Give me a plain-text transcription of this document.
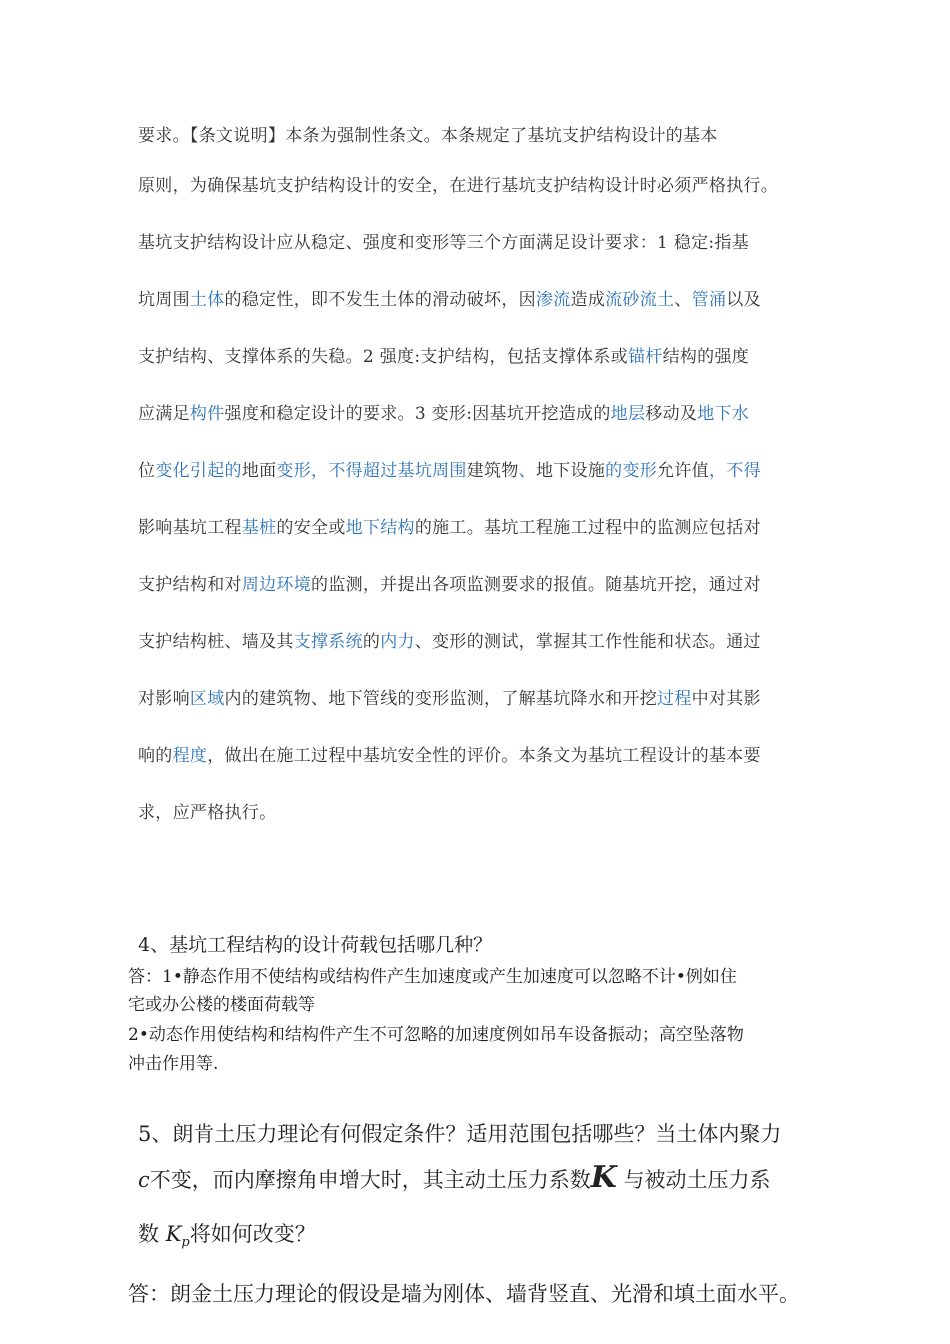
要求。【条文说明】本条为强制性条文。本条规定了基坑支护结构设计的基本
原则，为确保基坑支护结构设计的安全，在进行基坑支护结构设计时必须严格执行。
基坑支护结构设计应从稳定、强度和变形等三个方面满足设计要求：1 稳定:指基
坑周围土体的稳定性，即不发生土体的滑动破坏，因渗流造成流砂流土、管涌以及
支护结构、支撑体系的失稳。2 强度:支护结构，包括支撑体系或锚杆结构的强度
应满足构件强度和稳定设计的要求。3 变形:因基坑开挖造成的地层移动及地下水
位变化引起的地面变形，不得超过基坑周围建筑物、地下设施的变形允许值，不得
影响基坑工程基桩的安全或地下结构的施工。基坑工程施工过程中的监测应包括对
支护结构和对周边环境的监测，并提出各项监测要求的报值。随基坑开挖，通过对
支护结构桩、墙及其支撑系统的内力、变形的测试，掌握其工作性能和状态。通过
对影响区域内的建筑物、地下管线的变形监测，了解基坑降水和开挖过程中对其影
响的程度，做出在施工过程中基坑安全性的评价。本条文为基坑工程设计的基本要
求，应严格执行。
4、基坑工程结构的设计荷载包括哪几种？
答：1•静态作用不使结构或结构件产生加速度或产生加速度可以忽略不计•例如住
宅或办公楼的楼面荷载等
2•动态作用使结构和结构件产生不可忽略的加速度例如吊车设备振动；高空坠落物
冲击作用等.
5、朗肯土压力理论有何假定条件？适用范围包括哪些？当土体内聚力
c不变，而内摩擦角申增大时，其主动土压力系数K 与被动土压力系
数 $K_p$将如何改变？
答：朗金土压力理论的假设是墙为刚体、墙背竖直、光滑和填土面水平。
